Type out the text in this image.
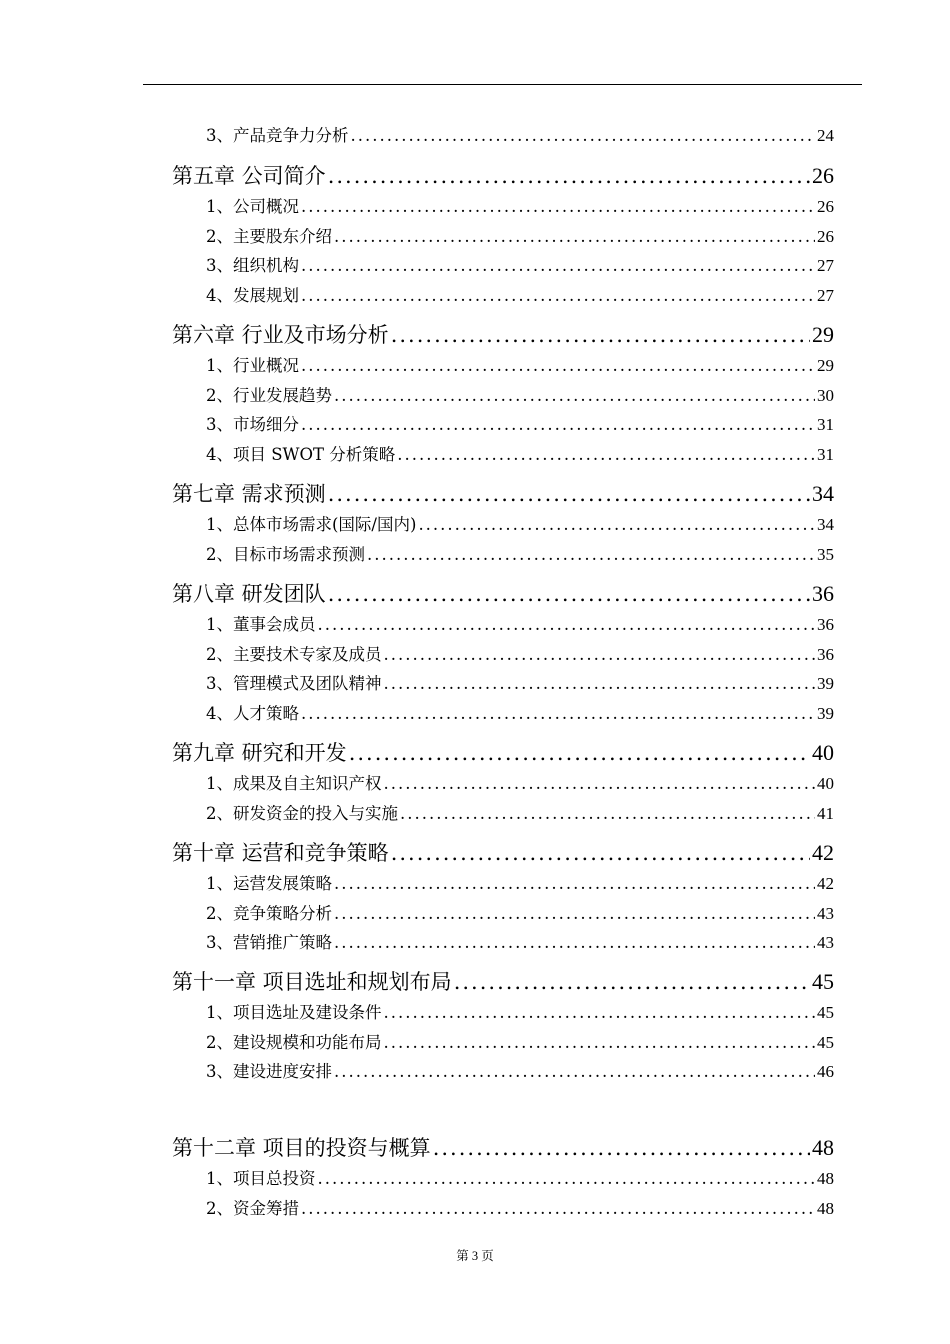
3、产品竞争力分析 .....	24
第五章 公司简介 .....	26
1、公司概况 .....	26
2、主要股东介绍 .....	26
3、组织机构 .....	27
4、发展规划 .....	27
第六章 行业及市场分析 .....	29
1、行业概况 .....	29
2、行业发展趋势 .....	30
3、市场细分 .....	31
4、项目 SWOT 分析策略 .....	31
第七章 需求预测 .....	34
1、总体市场需求(国际/国内) .....	34
2、目标市场需求预测 .....	35
第八章 研发团队 .....	36
1、董事会成员 .....	36
2、主要技术专家及成员 .....	36
3、管理模式及团队精神 .....	39
4、人才策略 .....	39
第九章 研究和开发 .....	40
1、成果及自主知识产权 .....	40
2、研发资金的投入与实施 .....	41
第十章 运营和竞争策略 .....	42
1、运营发展策略 .....	42
2、竞争策略分析 .....	43
3、营销推广策略 .....	43
第十一章 项目选址和规划布局 .....	45
1、项目选址及建设条件 .....	45
2、建设规模和功能布局 .....	45
3、建设进度安排 .....	46
第十二章 项目的投资与概算 .....	48
1、项目总投资 .....	48
2、资金筹措 .....	48
第 3 页
